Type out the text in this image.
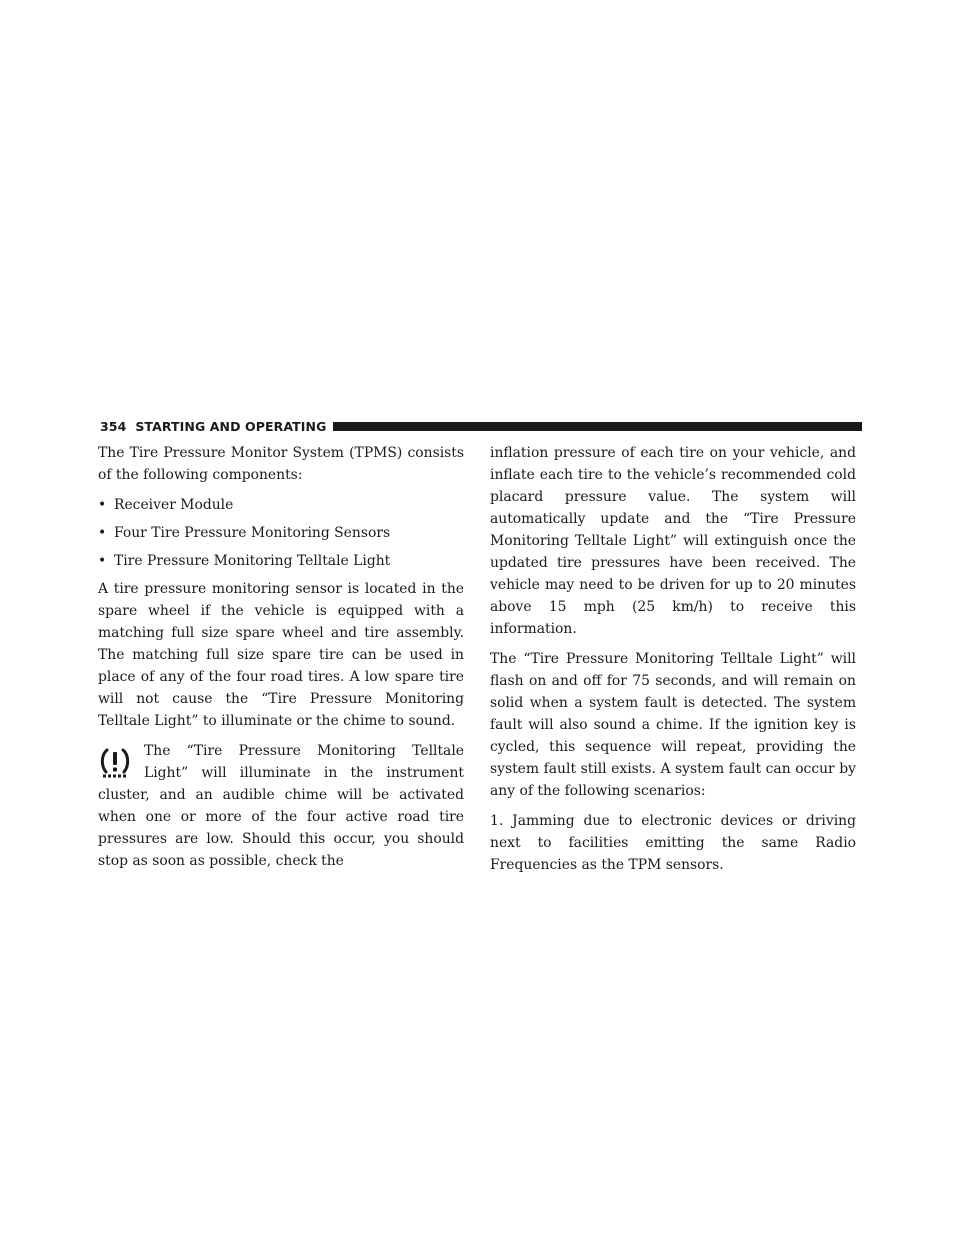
354 STARTING AND OPERATING

The Tire Pressure Monitor System (TPMS) consists of the following components:

• Receiver Module
• Four Tire Pressure Monitoring Sensors
• Tire Pressure Monitoring Telltale Light

A tire pressure monitoring sensor is located in the spare wheel if the vehicle is equipped with a matching full size spare wheel and tire assembly. The matching full size spare tire can be used in place of any of the four road tires. A low spare tire will not cause the “Tire Pressure Monitoring Telltale Light” to illuminate or the chime to sound.

The “Tire Pressure Monitoring Telltale Light” will illuminate in the instrument cluster, and an audible chime will be activated when one or more of the four active road tire pressures are low. Should this occur, you should stop as soon as possible, check the

inflation pressure of each tire on your vehicle, and inflate each tire to the vehicle’s recommended cold placard pressure value. The system will automatically update and the “Tire Pressure Monitoring Telltale Light” will extinguish once the updated tire pressures have been received. The vehicle may need to be driven for up to 20 minutes above 15 mph (25 km/h) to receive this information.

The “Tire Pressure Monitoring Telltale Light” will flash on and off for 75 seconds, and will remain on solid when a system fault is detected. The system fault will also sound a chime. If the ignition key is cycled, this sequence will repeat, providing the system fault still exists. A system fault can occur by any of the following scenarios:

1. Jamming due to electronic devices or driving next to facilities emitting the same Radio Frequencies as the TPM sensors.
